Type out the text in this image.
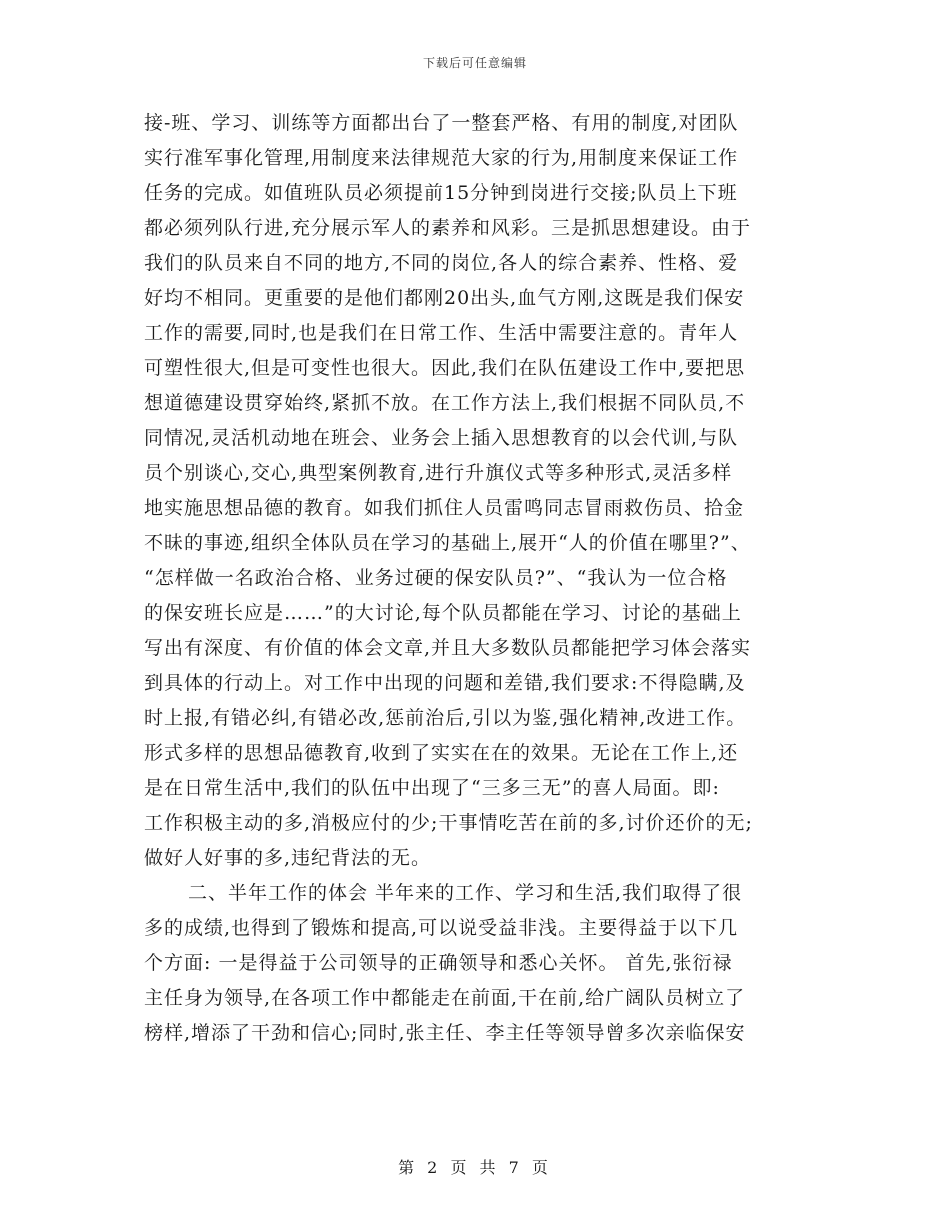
下载后可任意编辑
接-班、学习、训练等方面都出台了一整套严格、有用的制度,对团队
实行准军事化管理,用制度来法律规范大家的行为,用制度来保证工作
任务的完成。如值班队员必须提前15分钟到岗进行交接;队员上下班
都必须列队行进,充分展示军人的素养和风彩。三是抓思想建设。由于
我们的队员来自不同的地方,不同的岗位,各人的综合素养、性格、爱
好均不相同。更重要的是他们都刚20出头,血气方刚,这既是我们保安
工作的需要,同时,也是我们在日常工作、生活中需要注意的。青年人
可塑性很大,但是可变性也很大。因此,我们在队伍建设工作中,要把思
想道德建设贯穿始终,紧抓不放。在工作方法上,我们根据不同队员,不
同情况,灵活机动地在班会、业务会上插入思想教育的以会代训,与队
员个别谈心,交心,典型案例教育,进行升旗仪式等多种形式,灵活多样
地实施思想品德的教育。如我们抓住人员雷鸣同志冒雨救伤员、拾金
不昧的事迹,组织全体队员在学习的基础上,展开“人的价值在哪里?”、
“怎样做一名政治合格、业务过硬的保安队员?”、“我认为一位合格
的保安班长应是……”的大讨论,每个队员都能在学习、讨论的基础上
写出有深度、有价值的体会文章,并且大多数队员都能把学习体会落实
到具体的行动上。对工作中出现的问题和差错,我们要求:不得隐瞒,及
时上报,有错必纠,有错必改,惩前治后,引以为鉴,强化精神,改进工作。
形式多样的思想品德教育,收到了实实在在的效果。无论在工作上,还
是在日常生活中,我们的队伍中出现了“三多三无”的喜人局面。即:
工作积极主动的多,消极应付的少;干事情吃苦在前的多,讨价还价的无;
做好人好事的多,违纪背法的无。
二、半年工作的体会 半年来的工作、学习和生活,我们取得了很
多的成绩,也得到了锻炼和提高,可以说受益非浅。主要得益于以下几
个方面: 一是得益于公司领导的正确领导和悉心关怀。 首先,张衍禄
主任身为领导,在各项工作中都能走在前面,干在前,给广阔队员树立了
榜样,增添了干劲和信心;同时,张主任、李主任等领导曾多次亲临保安
第 2 页 共 7 页
